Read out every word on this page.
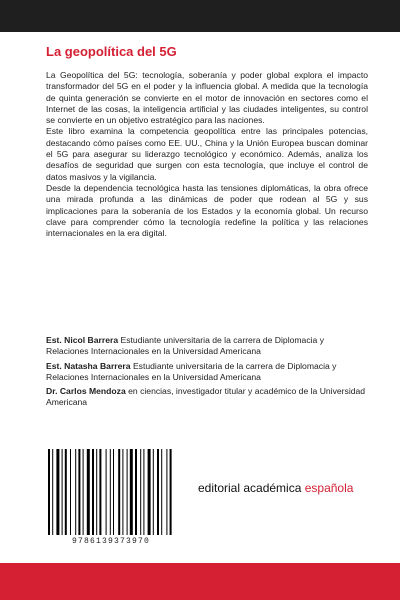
La geopolítica del 5G

La Geopolítica del 5G: tecnología, soberanía y poder global explora el impacto transformador del 5G en el poder y la influencia global. A medida que la tecnología de quinta generación se convierte en el motor de innovación en sectores como el Internet de las cosas, la inteligencia artificial y las ciudades inteligentes, su control se convierte en un objetivo estratégico para las naciones.

Este libro examina la competencia geopolítica entre las principales potencias, destacando cómo países como EE. UU., China y la Unión Europea buscan dominar el 5G para asegurar su liderazgo tecnológico y económico. Además, analiza los desafíos de seguridad que surgen con esta tecnología, que incluye el control de datos masivos y la vigilancia.

Desde la dependencia tecnológica hasta las tensiones diplomáticas, la obra ofrece una mirada profunda a las dinámicas de poder que rodean al 5G y sus implicaciones para la soberanía de los Estados y la economía global. Un recurso clave para comprender cómo la tecnología redefine la política y las relaciones internacionales en la era digital.

Est. Nicol Barrera Estudiante universitaria de la carrera de Diplomacia y Relaciones Internacionales en la Universidad Americana

Est. Natasha Barrera Estudiante universitaria de la carrera de Diplomacia y Relaciones Internacionales en la Universidad Americana

Dr. Carlos Mendoza en ciencias, investigador titular y académico de la Universidad Americana

9786139373970
editorial académica española
